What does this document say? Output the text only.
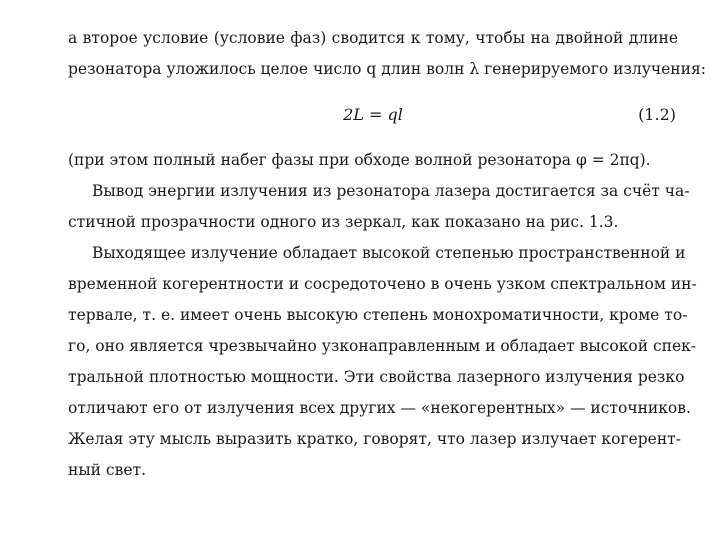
а второе условие (условие фаз) сводится к тому, чтобы на двойной длине
резонатора уложилось целое число q длин волн λ генерируемого излучения:
2L = ql	(1.2)
(при этом полный набег фазы при обходе волной резонатора φ = 2πq).
Вывод энергии излучения из резонатора лазера достигается за счёт ча-
стичной прозрачности одного из зеркал, как показано на рис. 1.3.
Выходящее излучение обладает высокой степенью пространственной и
временной когерентности и сосредоточено в очень узком спектральном ин-
тервале, т. е. имеет очень высокую степень монохроматичности, кроме то-
го, оно является чрезвычайно узконаправленным и обладает высокой спек-
тральной плотностью мощности. Эти свойства лазерного излучения резко
отличают его от излучения всех других — «некогерентных» — источников.
Желая эту мысль выразить кратко, говорят, что лазер излучает когерент-
ный свет.
